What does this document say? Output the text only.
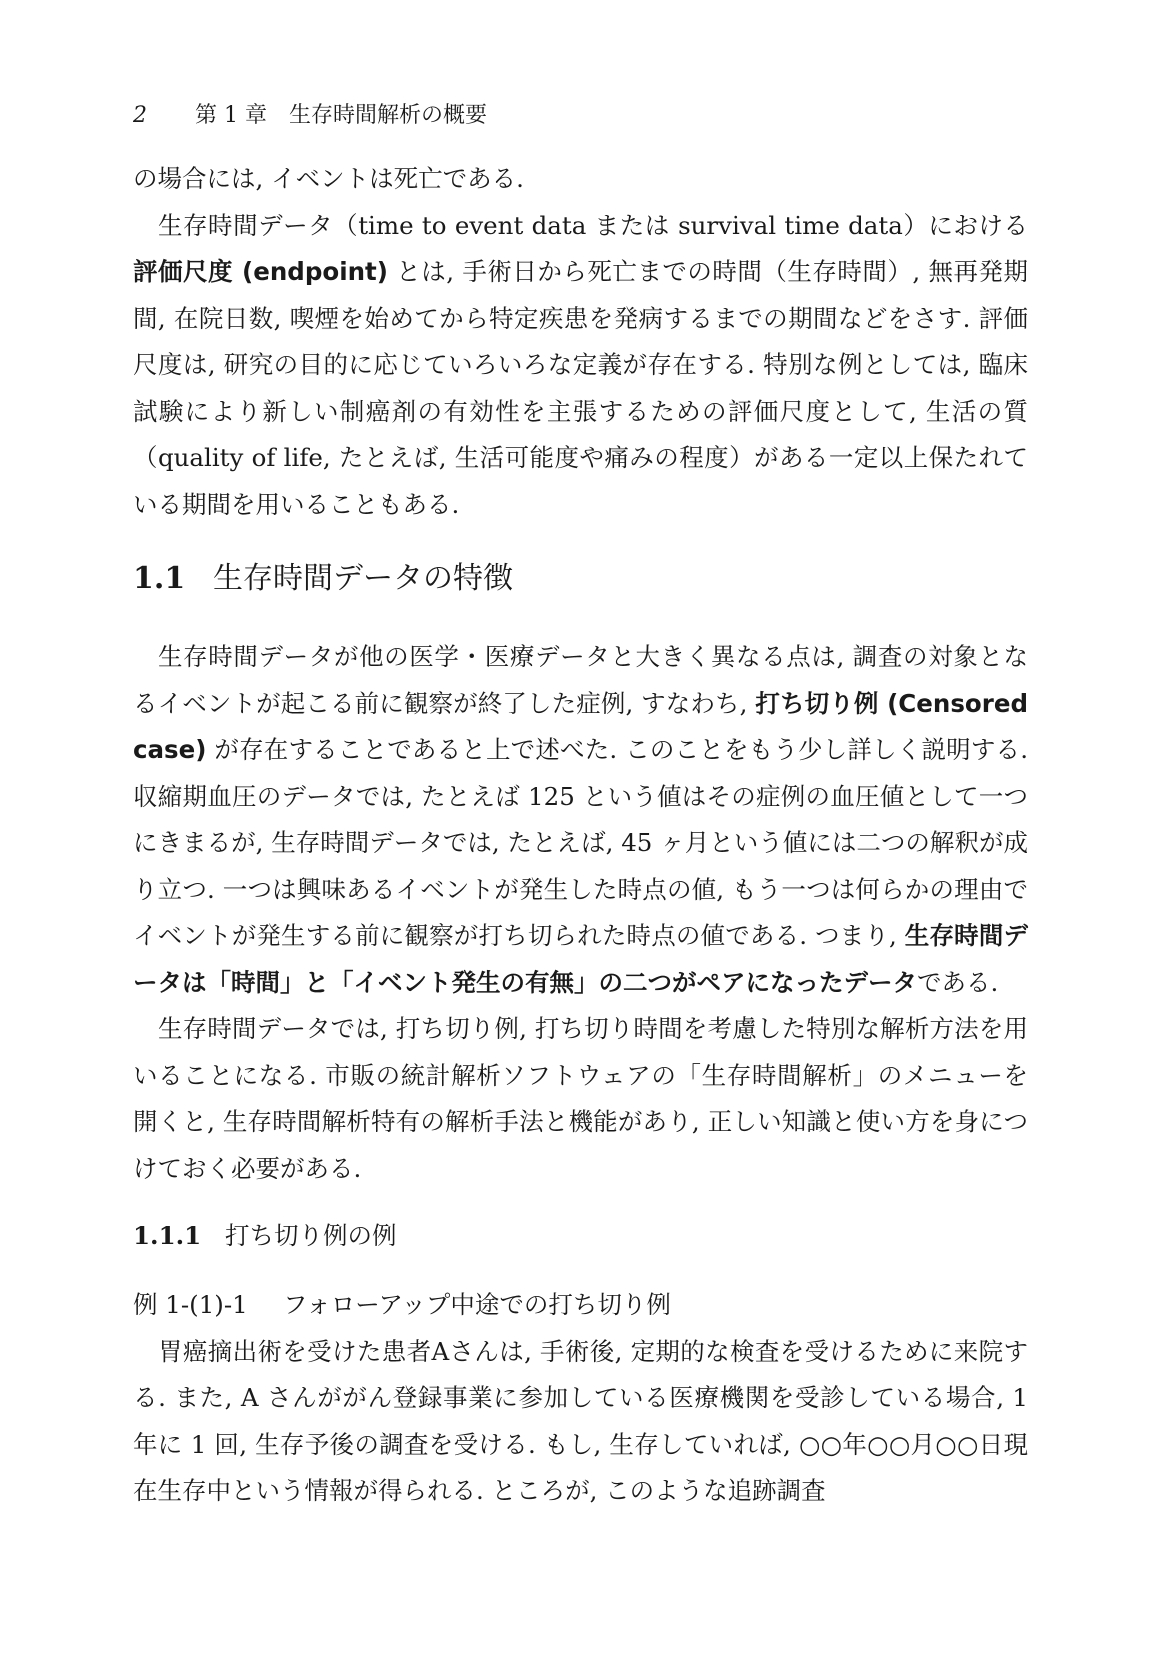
2 第 1 章　生存時間解析の概要

の場合には, イベントは死亡である.

生存時間データ（time to event data または survival time data）における評価尺度 (endpoint) とは, 手術日から死亡までの時間（生存時間）, 無再発期間, 在院日数, 喫煙を始めてから特定疾患を発病するまでの期間などをさす. 評価尺度は, 研究の目的に応じていろいろな定義が存在する. 特別な例としては, 臨床試験により新しい制癌剤の有効性を主張するための評価尺度として, 生活の質（quality of life, たとえば, 生活可能度や痛みの程度）がある一定以上保たれている期間を用いることもある.

1.1 生存時間データの特徴

生存時間データが他の医学・医療データと大きく異なる点は, 調査の対象となるイベントが起こる前に観察が終了した症例, すなわち, 打ち切り例 (Censored case) が存在することであると上で述べた. このことをもう少し詳しく説明する. 収縮期血圧のデータでは, たとえば 125 という値はその症例の血圧値として一つにきまるが, 生存時間データでは, たとえば, 45 ヶ月という値には二つの解釈が成り立つ. 一つは興味あるイベントが発生した時点の値, もう一つは何らかの理由でイベントが発生する前に観察が打ち切られた時点の値である. つまり, 生存時間データは「時間」と「イベント発生の有無」の二つがペアになったデータである.

生存時間データでは, 打ち切り例, 打ち切り時間を考慮した特別な解析方法を用いることになる. 市販の統計解析ソフトウェアの「生存時間解析」のメニューを開くと, 生存時間解析特有の解析手法と機能があり, 正しい知識と使い方を身につけておく必要がある.

1.1.1 打ち切り例の例
例 1-(1)-1 フォローアップ中途での打ち切り例

胃癌摘出術を受けた患者Aさんは, 手術後, 定期的な検査を受けるために来院する. また, A さんががん登録事業に参加している医療機関を受診している場合, 1 年に 1 回, 生存予後の調査を受ける. もし, 生存していれば, ○○年○○月○○日現在生存中という情報が得られる. ところが, このような追跡調査
